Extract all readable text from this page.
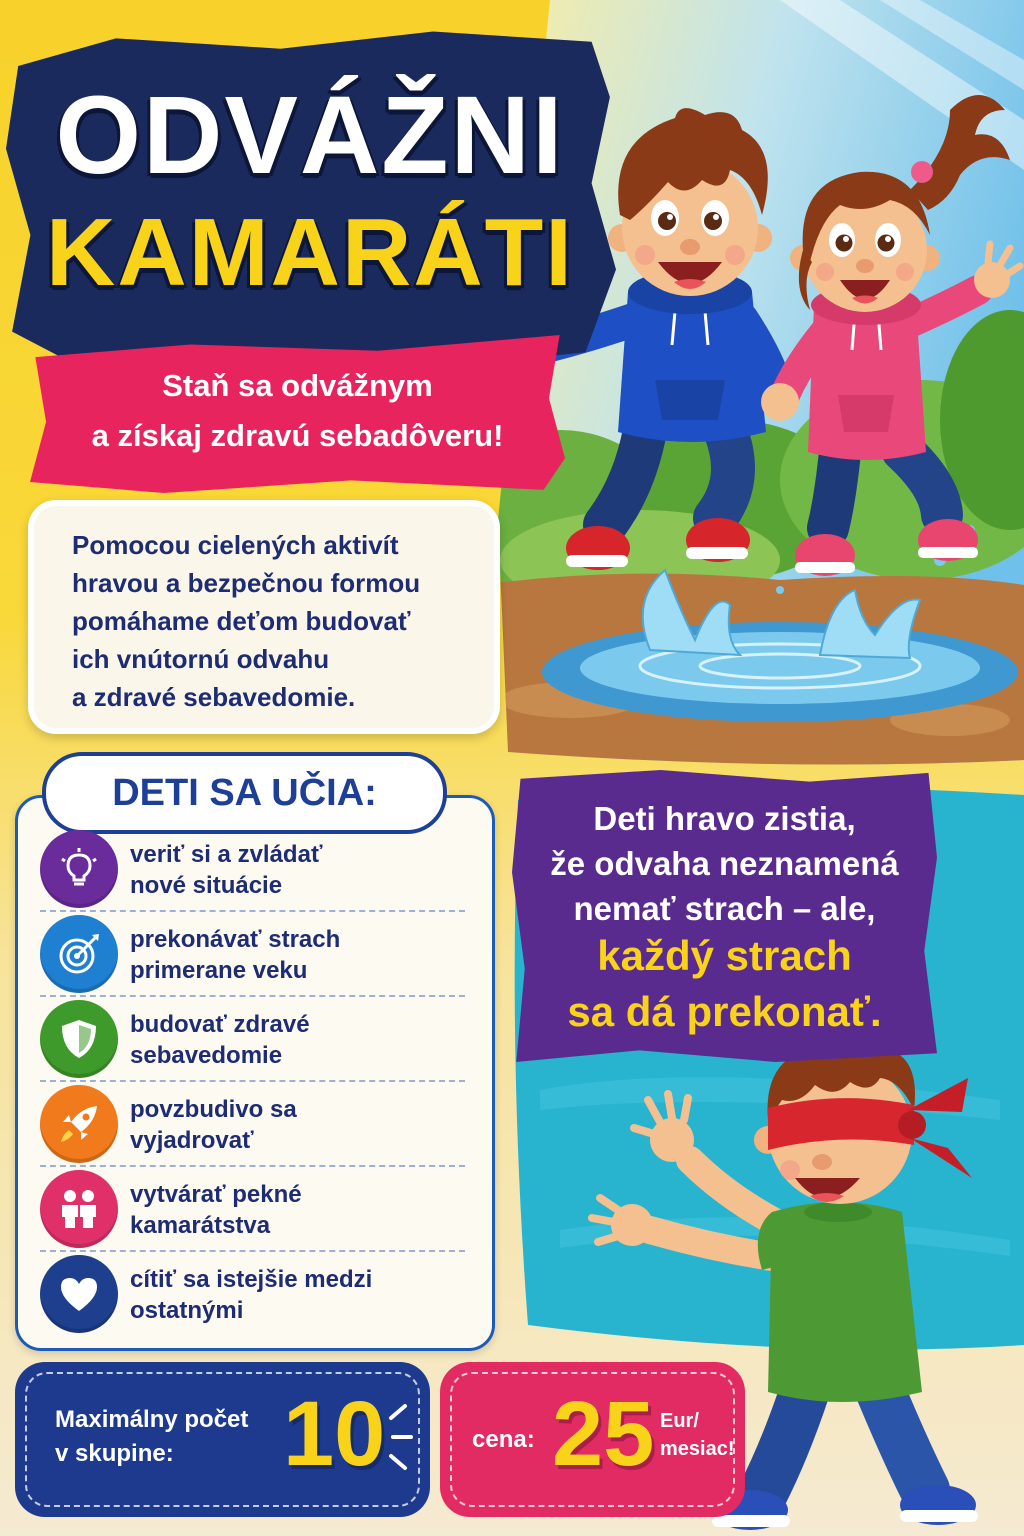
ODVÁŽNI
KAMARÁTI
Staň sa odvážnym
a získaj zdravú sebadôveru!
Pomocou cielených aktivít
hravou a bezpečnou formou
pomáhame deťom budovať
ich vnútornú odvahu
a zdravé sebavedomie.
DETI SA UČIA:
veriť si a zvládať
nové situácie
prekonávať strach
primerane veku
budovať zdravé
sebavedomie
povzbudivo sa
vyjadrovať
vytvárať pekné
kamarátstva
cítiť sa istejšie medzi
ostatnými
Deti hravo zistia,
že odvaha neznamená
nemať strach – ale,
každý strach
sa dá prekonať.
Maximálny počet
v skupine: 10	cena: 25 Eur/
mesiac!
